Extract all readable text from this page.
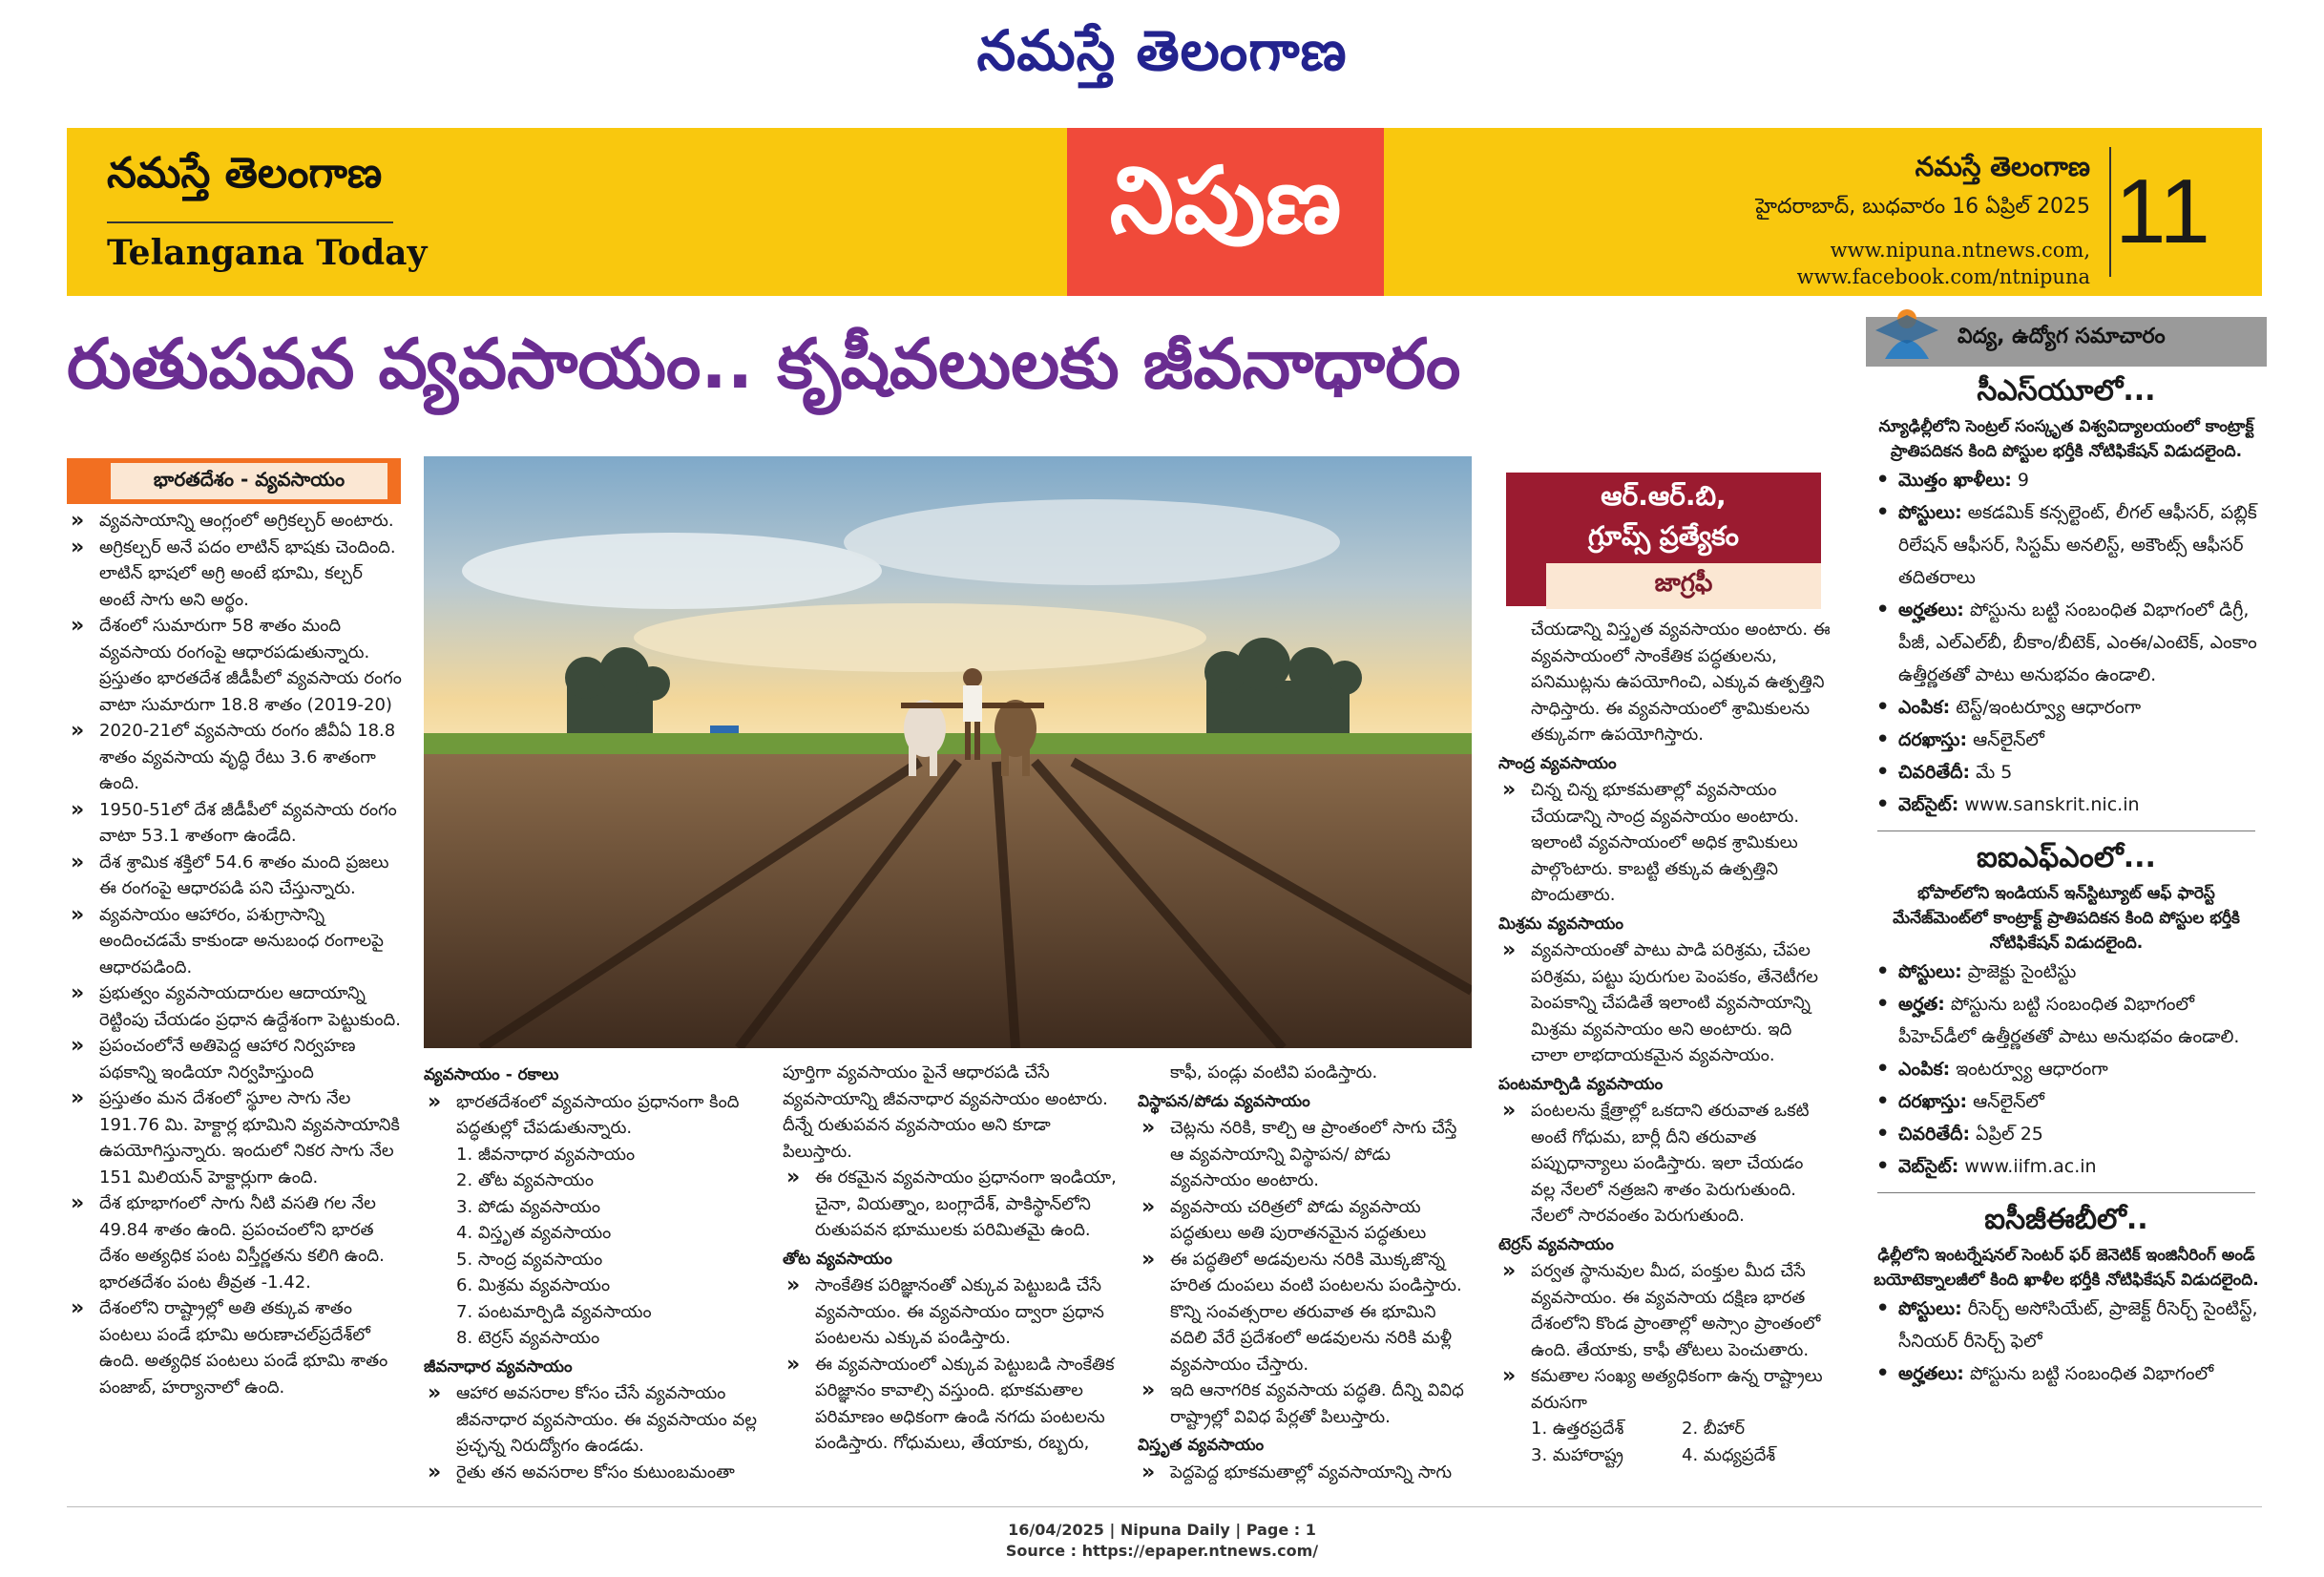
నమస్తే తెలంగాణ
నమస్తే తెలంగాణ
Telangana Today	నిపుణ	నమస్తే తెలంగాణ
హైదరాబాద్, బుధవారం 16 ఏప్రిల్ 2025
www.nipuna.ntnews.com,
www.facebook.com/ntnipuna
11
రుతుపవన వ్యవసాయం.. కృషీవలులకు జీవనాధారం
భారతదేశం - వ్యవసాయం
» వ్యవసాయాన్ని ఆంగ్లంలో అగ్రికల్చర్ అంటారు.
» అగ్రికల్చర్ అనే పదం లాటిన్ భాషకు చెందింది. లాటిన్ భాషలో అగ్రి అంటే భూమి, కల్చర్ అంటే సాగు అని అర్థం.
» దేశంలో సుమారుగా 58 శాతం మంది వ్యవసాయ రంగంపై ఆధారపడుతున్నారు. ప్రస్తుతం భారతదేశ జీడీపీలో వ్యవసాయ రంగం వాటా సుమారుగా 18.8 శాతం (2019-20)
» 2020-21లో వ్యవసాయ రంగం జీవీఏ 18.8 శాతం వ్యవసాయ వృద్ధి రేటు 3.6 శాతంగా ఉంది.
» 1950-51లో దేశ జీడీపీలో వ్యవసాయ రంగం వాటా 53.1 శాతంగా ఉండేది.
» దేశ శ్రామిక శక్తిలో 54.6 శాతం మంది ప్రజలు ఈ రంగంపై ఆధారపడి పని చేస్తున్నారు.
» వ్యవసాయం ఆహారం, పశుగ్రాసాన్ని అందించడమే కాకుండా అనుబంధ రంగాలపై ఆధారపడింది.
» ప్రభుత్వం వ్యవసాయదారుల ఆదాయాన్ని రెట్టింపు చేయడం ప్రధాన ఉద్దేశంగా పెట్టుకుంది.
» ప్రపంచంలోనే అతిపెద్ద ఆహార నిర్వహణ పథకాన్ని ఇండియా నిర్వహిస్తుంది
» ప్రస్తుతం మన దేశంలో స్థూల సాగు నేల 191.76 మి. హెక్టార్ల భూమిని వ్యవసాయానికి ఉపయోగిస్తున్నారు. ఇందులో నికర సాగు నేల 151 మిలియన్ హెక్టార్లుగా ఉంది.
» దేశ భూభాగంలో సాగు నీటి వసతి గల నేల 49.84 శాతం ఉంది. ప్రపంచంలోని భారత దేశం అత్యధిక పంట విస్తీర్ణతను కలిగి ఉంది. భారతదేశం పంట తీవ్రత -1.42.
» దేశంలోని రాష్ట్రాల్లో అతి తక్కువ శాతం పంటలు పండే భూమి అరుణాచల్‌ప్రదేశ్‌లో ఉంది. అత్యధిక పంటలు పండే భూమి శాతం పంజాబ్, హర్యానాలో ఉంది.
వ్యవసాయం - రకాలు
» భారతదేశంలో వ్యవసాయం ప్రధానంగా కింది పద్ధతుల్లో చేపడుతున్నారు.

1. జీవనాధార వ్యవసాయం

2. తోట వ్యవసాయం

3. పోడు వ్యవసాయం

4. విస్తృత వ్యవసాయం

5. సాంద్ర వ్యవసాయం

6. మిశ్రమ వ్యవసాయం

7. పంటమార్పిడి వ్యవసాయం

8. టెర్రస్ వ్యవసాయం

జీవనాధార వ్యవసాయం
» ఆహార అవసరాల కోసం చేసే వ్యవసాయం జీవనాధార వ్యవసాయం. ఈ వ్యవసాయం వల్ల ప్రచ్ఛన్న నిరుద్యోగం ఉండడు.
» రైతు తన అవసరాల కోసం కుటుంబమంతా
పూర్తిగా వ్యవసాయం పైనే ఆధారపడి చేసే వ్యవసాయాన్ని జీవనాధార వ్యవసాయం అంటారు. దీన్నే రుతుపవన వ్యవసాయం అని కూడా పిలుస్తారు.
» ఈ రకమైన వ్యవసాయం ప్రధానంగా ఇండియా, చైనా, వియత్నాం, బంగ్లాదేశ్, పాకిస్థాన్‌లోని రుతుపవన భూములకు పరిమితమై ఉంది.
తోట వ్యవసాయం
» సాంకేతిక పరిజ్ఞానంతో ఎక్కువ పెట్టుబడి చేసే వ్యవసాయం. ఈ వ్యవసాయం ద్వారా ప్రధాన పంటలను ఎక్కువ పండిస్తారు.
» ఈ వ్యవసాయంలో ఎక్కువ పెట్టుబడి సాంకేతిక పరిజ్ఞానం కావాల్సి వస్తుంది. భూకమతాల పరిమాణం అధికంగా ఉండి నగదు పంటలను పండిస్తారు. గోధుమలు, తేయాకు, రబ్బరు,

కాఫీ, పండ్లు వంటివి పండిస్తారు.

విస్థాపన/పోడు వ్యవసాయం
» చెట్లను నరికి, కాల్చి ఆ ప్రాంతంలో సాగు చేస్తే ఆ వ్యవసాయాన్ని విస్థాపన/ పోడు వ్యవసాయం అంటారు.
» వ్యవసాయ చరిత్రలో పోడు వ్యవసాయ పద్ధతులు అతి పురాతనమైన పద్ధతులు
» ఈ పద్ధతిలో అడవులను నరికి మొక్కజొన్న హరిత దుంపలు వంటి పంటలను పండిస్తారు. కొన్ని సంవత్సరాల తరువాత ఈ భూమిని వదిలి వేరే ప్రదేశంలో అడవులను నరికి మళ్లీ వ్యవసాయం చేస్తారు.
» ఇది ఆనాగరిక వ్యవసాయ పద్ధతి. దీన్ని వివిధ రాష్ట్రాల్లో వివిధ పేర్లతో పిలుస్తారు.
విస్తృత వ్యవసాయం
» పెద్దపెద్ద భూకమతాల్లో వ్యవసాయాన్ని సాగు
ఆర్.ఆర్.బి,
గ్రూప్స్ ప్రత్యేకం
జాగ్రఫీ

చేయడాన్ని విస్తృత వ్యవసాయం అంటారు. ఈ వ్యవసాయంలో సాంకేతిక పద్ధతులను, పనిముట్లను ఉపయోగించి, ఎక్కువ ఉత్పత్తిని సాధిస్తారు. ఈ వ్యవసాయంలో శ్రామికులను తక్కువగా ఉపయోగిస్తారు.

సాంద్ర వ్యవసాయం
» చిన్న చిన్న భూకమతాల్లో వ్యవసాయం చేయడాన్ని సాంద్ర వ్యవసాయం అంటారు. ఇలాంటి వ్యవసాయంలో అధిక శ్రామికులు పాల్గొంటారు. కాబట్టి తక్కువ ఉత్పత్తిని పొందుతారు.
మిశ్రమ వ్యవసాయం
» వ్యవసాయంతో పాటు పాడి పరిశ్రమ, చేపల పరిశ్రమ, పట్టు పురుగుల పెంపకం, తేనెటీగల పెంపకాన్ని చేపడితే ఇలాంటి వ్యవసాయాన్ని మిశ్రమ వ్యవసాయం అని అంటారు. ఇది చాలా లాభదాయకమైన వ్యవసాయం.
పంటమార్పిడి వ్యవసాయం
» పంటలను క్షేత్రాల్లో ఒకదాని తరువాత ఒకటి అంటే గోధుమ, బార్లీ దీని తరువాత పప్పుధాన్యాలు పండిస్తారు. ఇలా చేయడం వల్ల నేలలో నత్రజని శాతం పెరుగుతుంది. నేలలో సారవంతం పెరుగుతుంది.
టెర్రస్ వ్యవసాయం
» పర్వత స్థానువుల మీద, పంక్తుల మీద చేసే వ్యవసాయం. ఈ వ్యవసాయ దక్షిణ భారత దేశంలోని కొండ ప్రాంతాల్లో అస్సాం ప్రాంతంలో ఉంది. తేయాకు, కాఫీ తోటలు పెంచుతారు.
» కమతాల సంఖ్య అత్యధికంగా ఉన్న రాష్ట్రాలు వరుసగా
1. ఉత్తరప్రదేశ్	2. బీహార్
3. మహారాష్ట్ర	4. మధ్యప్రదేశ్
విద్య, ఉద్యోగ సమాచారం
సీఎస్‌యూలో...
న్యూఢిల్లీలోని సెంట్రల్ సంస్కృత విశ్వవిద్యాలయంలో కాంట్రాక్ట్ ప్రాతిపదికన కింది పోస్టుల భర్తీకి నోటిఫికేషన్ విడుదలైంది.
• మొత్తం ఖాళీలు: 9
• పోస్టులు: అకడమిక్ కన్సల్టెంట్, లీగల్ ఆఫీసర్, పబ్లిక్ రిలేషన్ ఆఫీసర్, సిస్టమ్ అనలిస్ట్, అకౌంట్స్ ఆఫీసర్ తదితరాలు
• అర్హతలు: పోస్టును బట్టి సంబంధిత విభాగంలో డిగ్రీ, పీజీ, ఎల్‌ఎల్‌బీ, బీకాం/బీటెక్, ఎంఈ/ఎంటెక్, ఎంకాం ఉత్తీర్ణతతో పాటు అనుభవం ఉండాలి.
• ఎంపిక: టెస్ట్/ఇంటర్వ్యూ ఆధారంగా
• దరఖాస్తు: ఆన్‌లైన్‌లో
• చివరితేదీ: మే 5
• వెబ్‌సైట్: www.sanskrit.nic.in
ఐఐఎఫ్ఎంలో...
భోపాల్‌లోని ఇండియన్ ఇన్‌స్టిట్యూట్ ఆఫ్ ఫారెస్ట్ మేనేజ్‌మెంట్‌లో కాంట్రాక్ట్ ప్రాతిపదికన కింది పోస్టుల భర్తీకి నోటిఫికేషన్ విడుదలైంది.
• పోస్టులు: ప్రాజెక్టు సైంటిస్టు
• అర్హత: పోస్టును బట్టి సంబంధిత విభాగంలో పీహెచ్‌డీలో ఉత్తీర్ణతతో పాటు అనుభవం ఉండాలి.
• ఎంపిక: ఇంటర్వ్యూ ఆధారంగా
• దరఖాస్తు: ఆన్‌లైన్‌లో
• చివరితేదీ: ఏప్రిల్ 25
• వెబ్‌సైట్: www.iifm.ac.in
ఐసీజీఈబీలో..
ఢిల్లీలోని ఇంటర్నేషనల్ సెంటర్ ఫర్ జెనెటిక్ ఇంజినీరింగ్ అండ్ బయోటెక్నాలజీలో కింది ఖాళీల భర్తీకి నోటిఫికేషన్ విడుదలైంది.
• పోస్టులు: రీసెర్చ్ అసోసియేట్, ప్రాజెక్ట్ రీసెర్చ్ సైంటిస్ట్, సీనియర్ రీసెర్చ్ ఫెలో
• అర్హతలు: పోస్టును బట్టి సంబంధిత విభాగంలో
16/04/2025 | Nipuna Daily | Page : 1
Source : https://epaper.ntnews.com/
